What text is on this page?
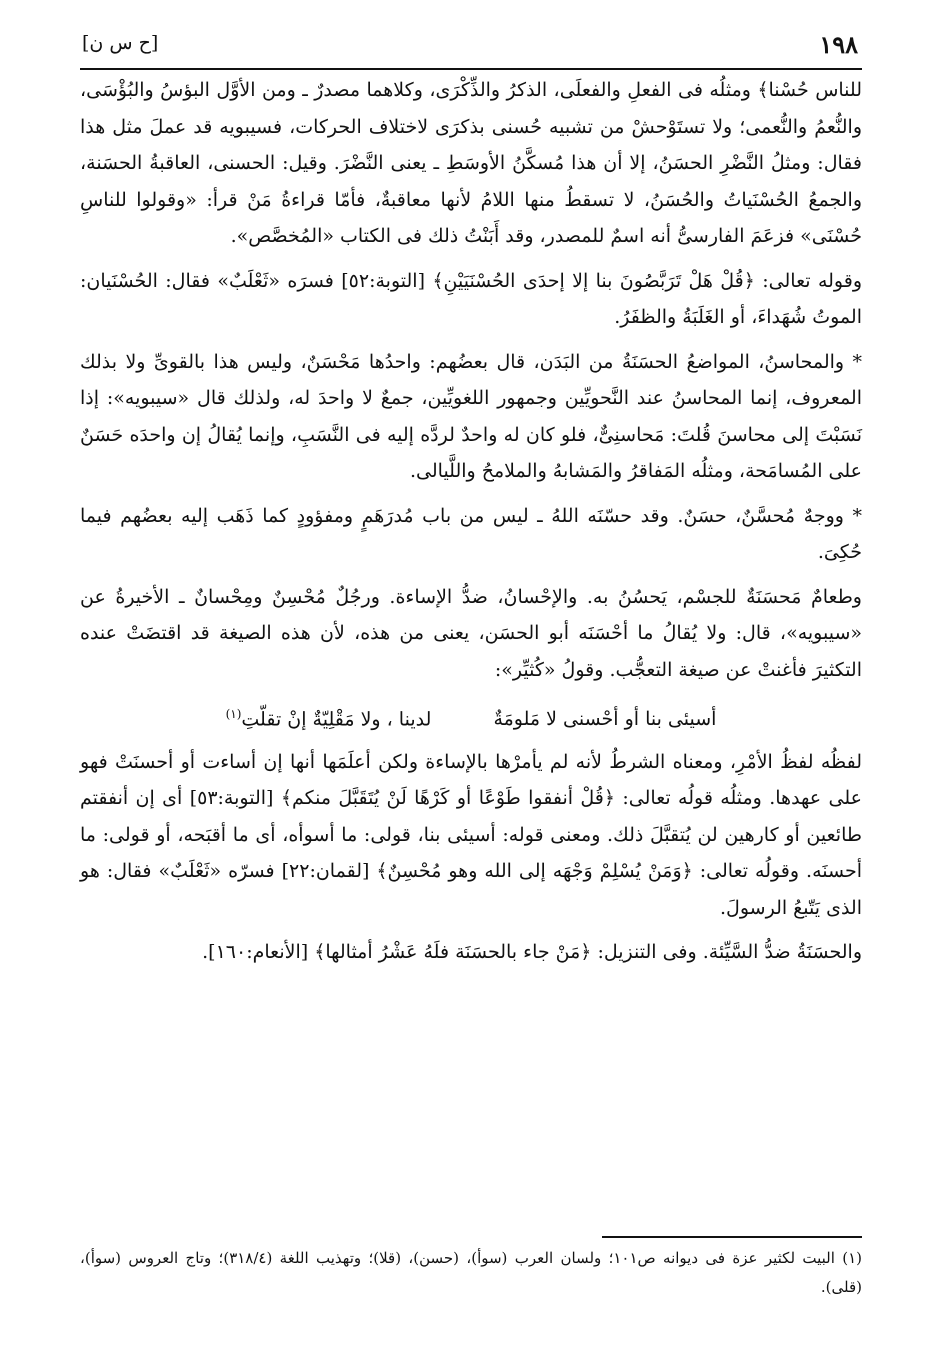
١٩٨
[ح س ن]

للناس حُسْنا﴾ ومثلُه فى الفعلِ والفعلَى، الذكرُ والذِّكْرَى، وكلاهما مصدرٌ ـ ومن الأوَّل البؤسُ والبُؤْسَى، والنُّعمُ والنُّعمى؛ ولا تستَوْحشْ من تشبيه حُسنى بذكرَى لاختلاف الحركات، فسيبويه قد عملَ مثل هذا فقال: ومثلُ النَّضْرِ الحسَنُ، إلا أن هذا مُسكَّنُ الأوسَطِ ـ يعنى النَّضْرَ. وقيل: الحسنى، العاقبةُ الحسَنة، والجمعُ الحُسْنَياتُ والحُسَنُ، لا تسقطُ منها اللامُ لأنها معاقبةٌ، فأمّا قراءةُ مَنْ قرأ: «وقولوا للناسِ حُسْنَى» فزعَمَ الفارسىُّ أنه اسمٌ للمصدر، وقد أَبَنْتُ ذلك فى الكتاب «المُخصَّص».

وقوله تعالى: ﴿قُلْ هَلْ تَرَبَّصُونَ بنا إلا إحدَى الحُسْنَيَيْنِ﴾ [التوبة:٥٢] فسرَه «ثَعْلَبٌ» فقال: الحُسْنَيان: الموتُ شُهَداءَ، أو الغَلَبَةُ والظفَرُ.

* والمحاسنُ، المواضعُ الحسَنَةُ من البَدَن، قال بعضُهم: واحدُها مَحْسَنٌ، وليس هذا بالقوىِّ ولا بذلك المعروف، إنما المحاسنُ عند النَّحويِّين وجمهور اللغويِّين، جمعٌ لا واحدَ له، ولذلك قال «سيبويه»: إذا نَسَبْتَ إلى محاسنَ قُلتَ: مَحاسنِىٌّ، فلو كان له واحدٌ لردَّه إليه فى النَّسَبِ، وإنما يُقالُ إن واحدَه حَسَنٌ على المُسامَحة، ومثلُه المَفاقرُ والمَشابهُ والملامحُ واللَّيالى.

* ووجهٌ مُحسَّنٌ، حسَنٌ. وقد حسّنَه اللهُ ـ ليس من باب مُدرَهَمٍ ومفؤودٍ كما ذَهَب إليه بعضُهم فيما حُكِىَ.

وطعامٌ مَحسَنَةٌ للجسْم، يَحسُنُ به. والإحْسانُ، ضدُّ الإساءة. ورجُلٌ مُحْسِنٌ ومِحْسانٌ ـ الأخيرةُ عن «سيبويه»، قال: ولا يُقالُ ما أحْسَنَه أبو الحسَن، يعنى من هذه، لأن هذه الصيغة قد اقتضَتْ عنده التكثيرَ فأغنتْ عن صيغة التعجُّب. وقولُ «كُثيِّر»:

أسيئى بنا أو أحْسنى لا مَلومَةٌ لدينا ، ولا مَقْلِيّةٌ إنْ تقلّتِ$^{(١)}$

لفظُه لفظُ الأمْرِ، ومعناه الشرطُ لأنه لم يأمرْها بالإساءة ولكن أعلَمَها أنها إن أساءت أو أحسنَتْ فهو على عهدها. ومثلُه قولُه تعالى: ﴿قُلْ أنفقوا طَوْعًا أو كَرْهًا لَنْ يُتَقَبَّلَ منكم﴾ [التوبة:٥٣] أى إن أنفقتم طائعين أو كارهين لن يُتقبَّلَ ذلك. ومعنى قوله: أسيئى بنا، قولى: ما أسوأه، أى ما أقبَحه، أو قولى: ما أحسنَه. وقولُه تعالى: ﴿وَمَنْ يُسْلِمْ وَجْهَه إلى الله وهو مُحْسِنٌ﴾ [لقمان:٢٢] فسرّه «ثَعْلَبٌ» فقال: هو الذى يَتّبعُ الرسولَ.

والحسَنَةُ ضدُّ السَّيِّئة. وفى التنزيل: ﴿مَنْ جاء بالحسَنَة فلَهُ عَشْرُ أمثالها﴾ [الأنعام:١٦٠].

(١) البيت لكثير عزة فى ديوانه ص١٠١؛ ولسان العرب (سوأ)، (حسن)، (قلا)؛ وتهذيب اللغة (٣١٨/٤)؛ وتاج العروس (سوأ)، (قلى).
